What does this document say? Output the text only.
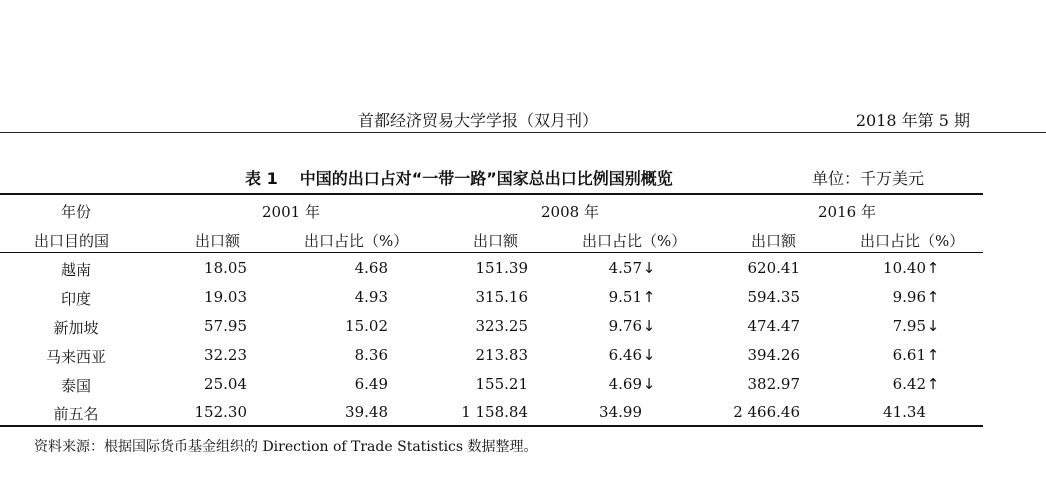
首都经济贸易大学学报（双月刊）	2018 年第 5 期
表 1 中国的出口占对“一带一路”国家总出口比例国别概览	单位：千万美元
年份	2001 年	2008 年	2016 年
出口目的国	出口额	出口占比（%）	出口额	出口占比（%）	出口额	出口占比（%）
越南	18.05	4.68	151.39	4.57↓	620.41	10.40↑
印度	19.03	4.93	315.16	9.51↑	594.35	9.96↑
新加坡	57.95	15.02	323.25	9.76↓	474.47	7.95↓
马来西亚	32.23	8.36	213.83	6.46↓	394.26	6.61↑
泰国	25.04	6.49	155.21	4.69↓	382.97	6.42↑
前五名	152.30	39.48	1 158.84	34.99	2 466.46	41.34
资料来源：根据国际货币基金组织的 Direction of Trade Statistics 数据整理。
